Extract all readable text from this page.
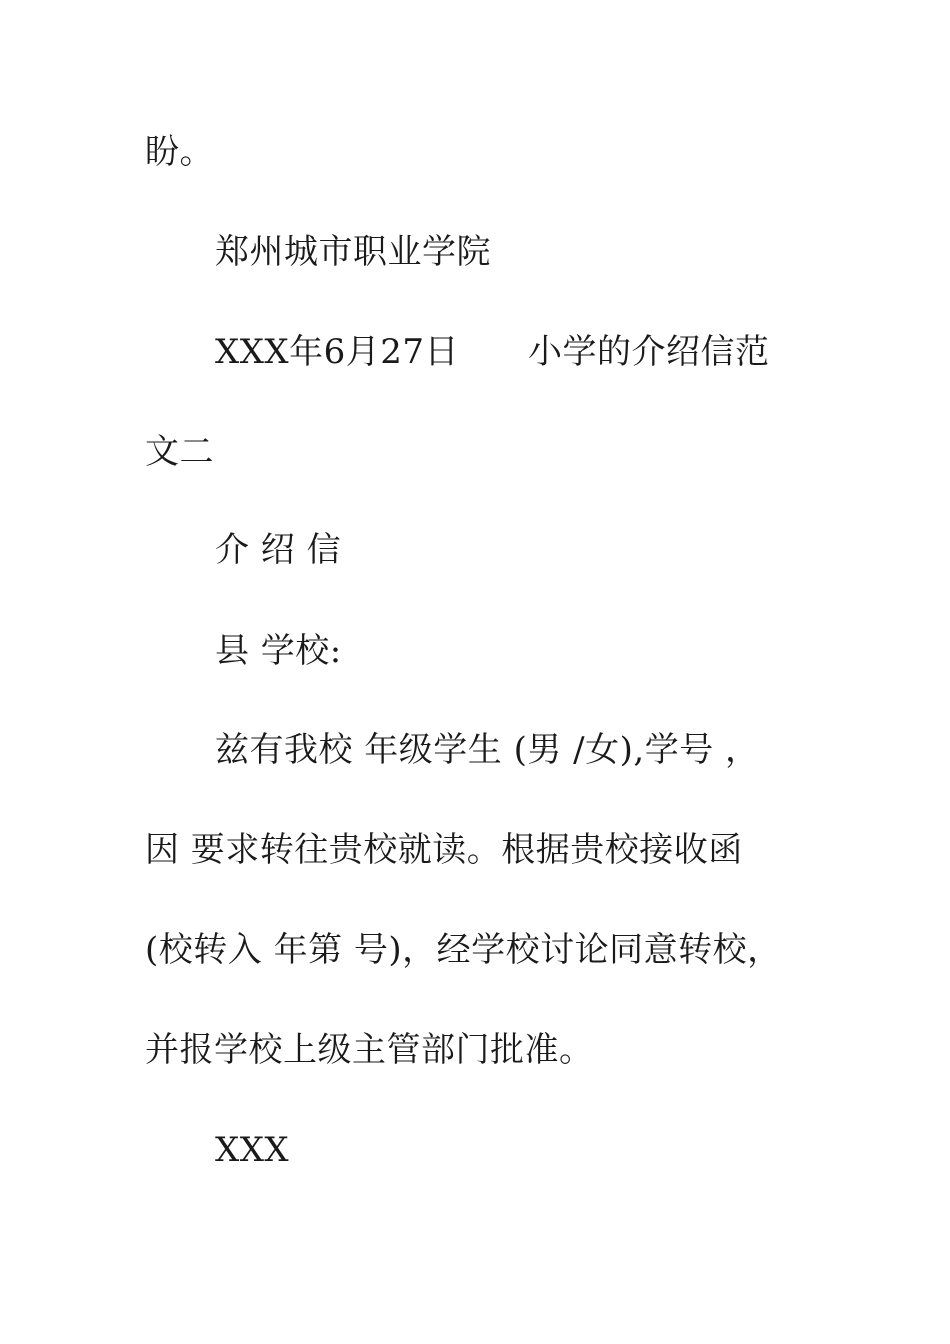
盼。
郑州城市职业学院
XXX年6月27日　　小学的介绍信范
文二
介 绍 信
县 学校:
兹有我校 年级学生 (男 /女),学号 ，
因 要求转往贵校就读。根据贵校接收函
(校转入 年第 号)，经学校讨论同意转校，
并报学校上级主管部门批准。
XXX
